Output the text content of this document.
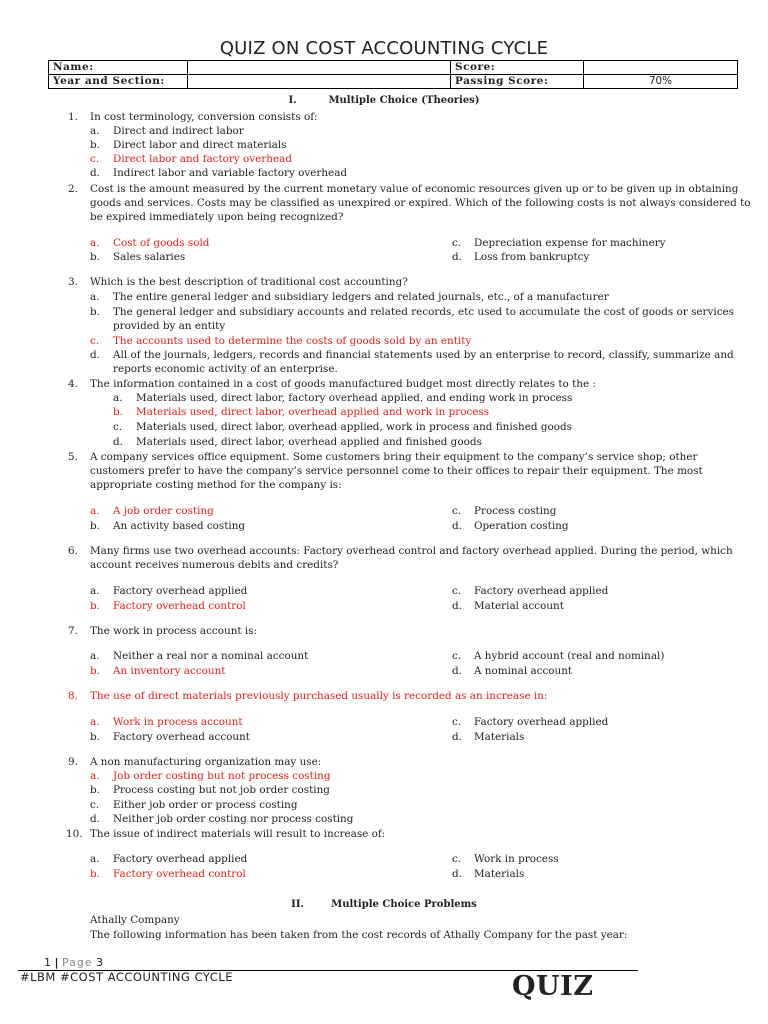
QUIZ ON COST ACCOUNTING CYCLE
Name:		Score:	
Year and Section:		Passing Score:	70%
I.	Multiple Choice (Theories)
II.	Multiple Choice Problems
1. In cost terminology, conversion consists of:
a. Direct and indirect labor
b. Direct labor and direct materials
c. Direct labor and factory overhead
d. Indirect labor and variable factory overhead
2. Cost is the amount measured by the current monetary value of economic resources given up or to be given up in obtaining
goods and services. Costs may be classified as unexpired or expired. Which of the following costs is not always considered to
be expired immediately upon being recognized?
a. Cost of goods sold	c. Depreciation expense for machinery
b. Sales salaries	d. Loss from bankruptcy
3. Which is the best description of traditional cost accounting?
a. The entire general ledger and subsidiary ledgers and related journals, etc., of a manufacturer
b. The general ledger and subsidiary accounts and related records, etc used to accumulate the cost of goods or services
provided by an entity
c. The accounts used to determine the costs of goods sold by an entity
d. All of the journals, ledgers, records and financial statements used by an enterprise to record, classify, summarize and
reports economic activity of an enterprise.
4. The information contained in a cost of goods manufactured budget most directly relates to the :
a. Materials used, direct labor, factory overhead applied, and ending work in process
b. Materials used, direct labor, overhead applied and work in process
c. Materials used, direct labor, overhead applied, work in process and finished goods
d. Materials used, direct labor, overhead applied and finished goods
5. A company services office equipment. Some customers bring their equipment to the company’s service shop; other
customers prefer to have the company’s service personnel come to their offices to repair their equipment. The most
appropriate costing method for the company is:
a. A job order costing	c. Process costing
b. An activity based costing	d. Operation costing
6. Many firms use two overhead accounts: Factory overhead control and factory overhead applied. During the period, which
account receives numerous debits and credits?
a. Factory overhead applied	c. Factory overhead applied
b. Factory overhead control	d. Material account
7. The work in process account is:
a. Neither a real nor a nominal account	c. A hybrid account (real and nominal)
b. An inventory account	d. A nominal account
8. The use of direct materials previously purchased usually is recorded as an increase in:
a. Work in process account	c. Factory overhead applied
b. Factory overhead account	d. Materials
9. A non manufacturing organization may use:
a. Job order costing but not process costing
b. Process costing but not job order costing
c. Either job order or process costing
d. Neither job order costing nor process costing
10. The issue of indirect materials will result to increase of:
a. Factory overhead applied	c. Work in process
b. Factory overhead control	d. Materials
Athally Company
The following information has been taken from the cost records of Athally Company for the past year:
1 | Page 3
#LBM #COST ACCOUNTING CYCLE	QUIZ
